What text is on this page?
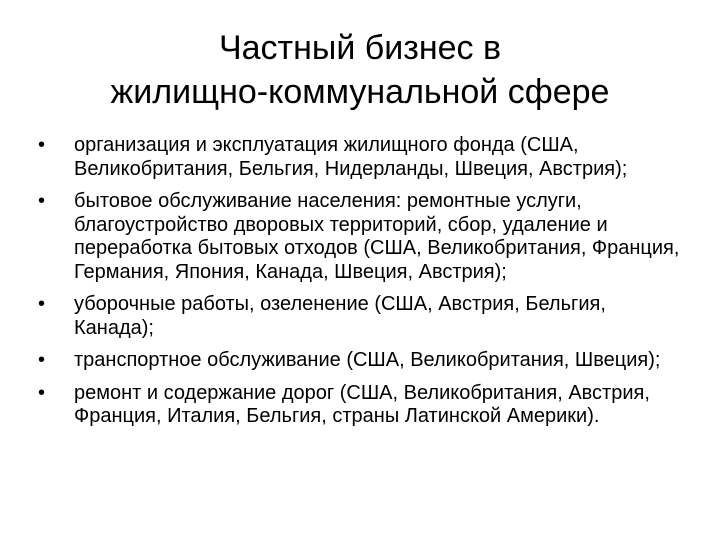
Частный бизнес в
жилищно-коммунальной сфере
• организация и эксплуатация жилищного фонда (США, Великобритания, Бельгия, Нидерланды, Швеция, Австрия);
• бытовое обслуживание населения: ремонтные услуги, благоустройство дворовых территорий, сбор, удаление и переработка бытовых отходов (США, Великобритания, Франция, Германия, Япония, Канада, Швеция, Австрия);
• уборочные работы, озеленение (США, Австрия, Бельгия, Канада);
• транспортное обслуживание (США, Великобритания, Швеция);
• ремонт и содержание дорог (США, Великобритания, Австрия, Франция, Италия, Бельгия, страны Латинской Америки).
